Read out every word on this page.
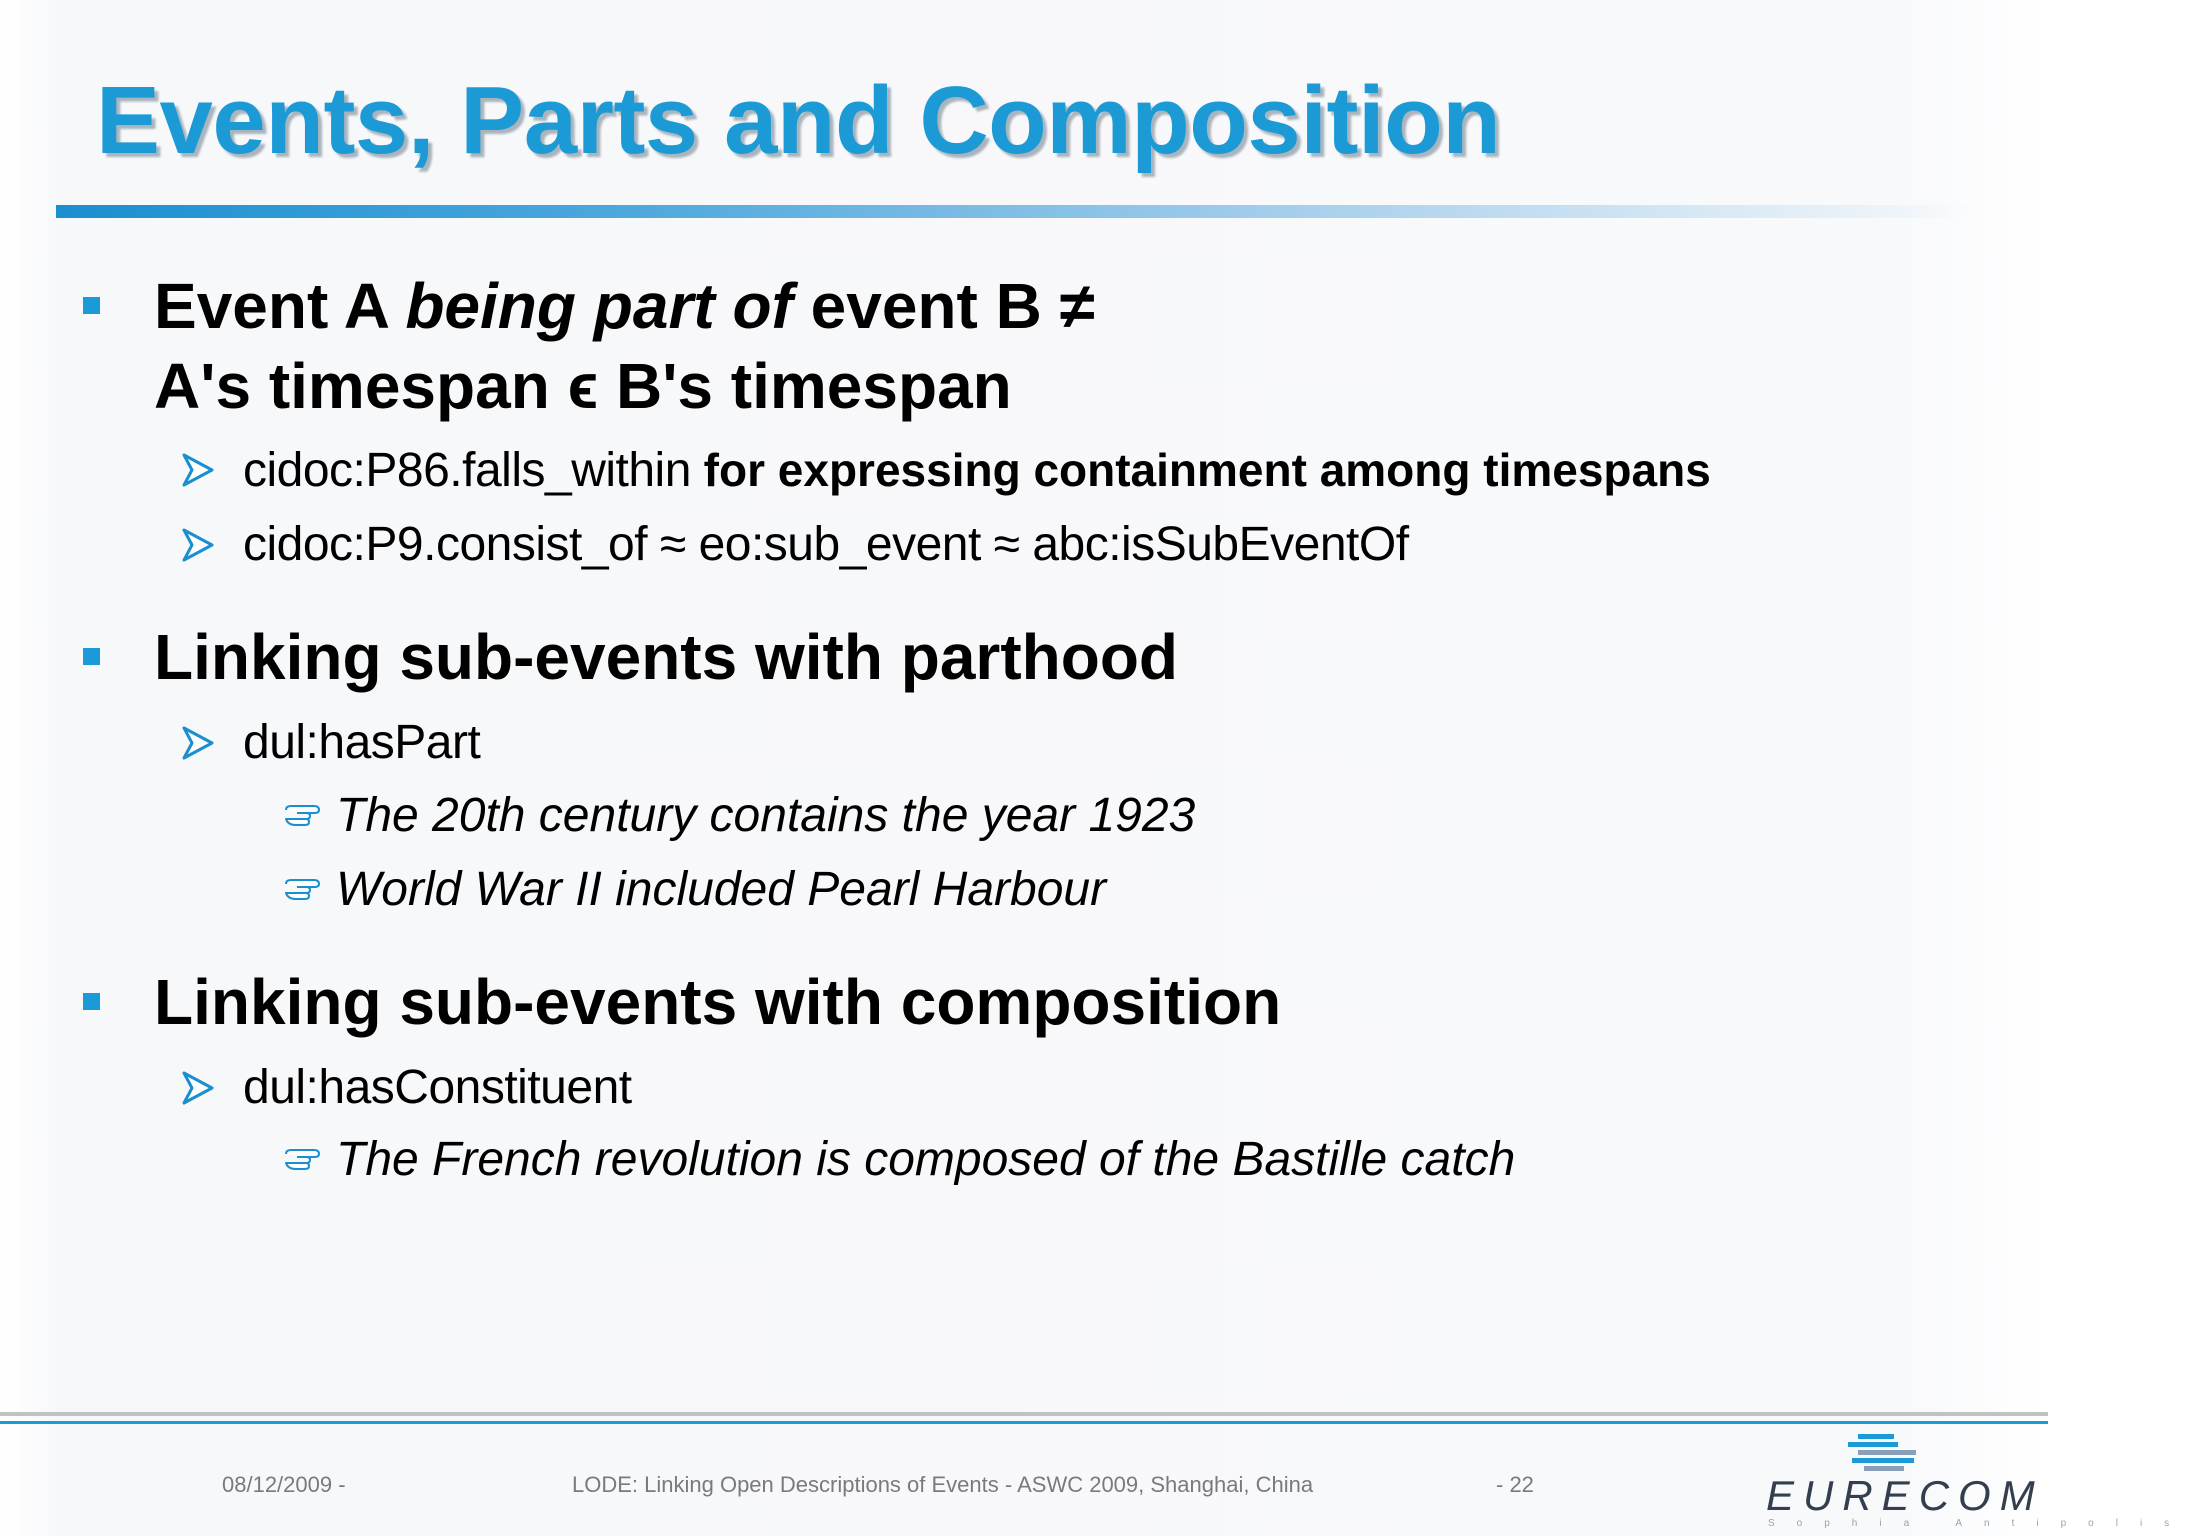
Events, Parts and Composition
Event A being part of event B ≠
A's timespan ϵ B's timespan
cidoc:P86.falls_within for expressing containment among timespans
cidoc:P9.consist_of ≈ eo:sub_event ≈ abc:isSubEventOf
Linking sub-events with parthood
dul:hasPart
The 20th century contains the year 1923
World War II included Pearl Harbour
Linking sub-events with composition
dul:hasConstituent
The French revolution is composed of the Bastille catch
08/12/2009 -	LODE: Linking Open Descriptions of Events - ASWC 2009, Shanghai, China	- 22	EURECOM
Sophia Antipolis
